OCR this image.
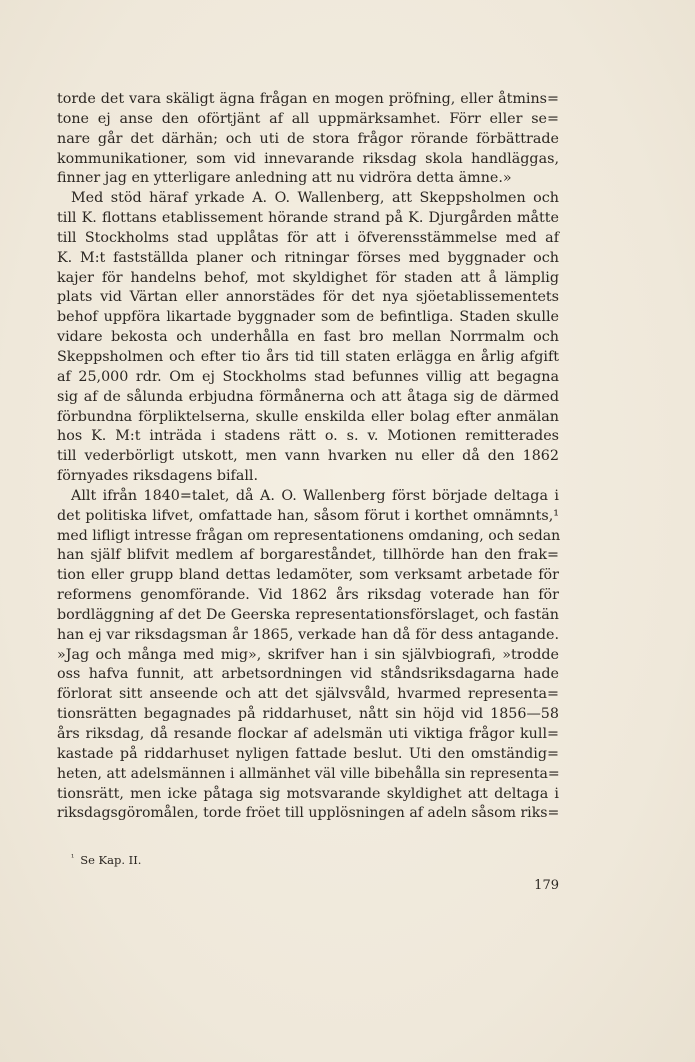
torde det vara skäligt ägna frågan en mogen pröfning, eller åtmins=
tone ej anse den oförtjänt af all uppmärksamhet. Förr eller se=
nare går det därhän; och uti de stora frågor rörande förbättrade
kommunikationer, som vid innevarande riksdag skola handläggas,
finner jag en ytterligare anledning att nu vidröra detta ämne.»
Med stöd häraf yrkade A. O. Wallenberg, att Skeppsholmen och
till K. flottans etablissement hörande strand på K. Djurgården måtte
till Stockholms stad upplåtas för att i öfverensstämmelse med af
K. M:t fastställda planer och ritningar förses med byggnader och
kajer för handelns behof, mot skyldighet för staden att å lämplig
plats vid Värtan eller annorstädes för det nya sjöetablissementets
behof uppföra likartade byggnader som de befintliga. Staden skulle
vidare bekosta och underhålla en fast bro mellan Norrmalm och
Skeppsholmen och efter tio års tid till staten erlägga en årlig afgift
af 25,000 rdr. Om ej Stockholms stad befunnes villig att begagna
sig af de sålunda erbjudna förmånerna och att åtaga sig de därmed
förbundna förpliktelserna, skulle enskilda eller bolag efter anmälan
hos K. M:t inträda i stadens rätt o. s. v. Motionen remitterades
till vederbörligt utskott, men vann hvarken nu eller då den 1862
förnyades riksdagens bifall.
Allt ifrån 1840=talet, då A. O. Wallenberg först började deltaga i
det politiska lifvet, omfattade han, såsom förut i korthet omnämnts,¹
med lifligt intresse frågan om representationens omdaning, och sedan
han själf blifvit medlem af borgareståndet, tillhörde han den frak=
tion eller grupp bland dettas ledamöter, som verksamt arbetade för
reformens genomförande. Vid 1862 års riksdag voterade han för
bordläggning af det De Geerska representationsförslaget, och fastän
han ej var riksdagsman år 1865, verkade han då för dess antagande.
»Jag och många med mig», skrifver han i sin självbiografi, »trodde
oss hafva funnit, att arbetsordningen vid ståndsriksdagarna hade
förlorat sitt anseende och att det självsvåld, hvarmed representa=
tionsrätten begagnades på riddarhuset, nått sin höjd vid 1856—58
års riksdag, då resande flockar af adelsmän uti viktiga frågor kull=
kastade på riddarhuset nyligen fattade beslut. Uti den omständig=
heten, att adelsmännen i allmänhet väl ville bibehålla sin representa=
tionsrätt, men icke påtaga sig motsvarande skyldighet att deltaga i
riksdagsgöromålen, torde fröet till upplösningen af adeln såsom riks=
$^{^1}$ Se Kap. II.
179
